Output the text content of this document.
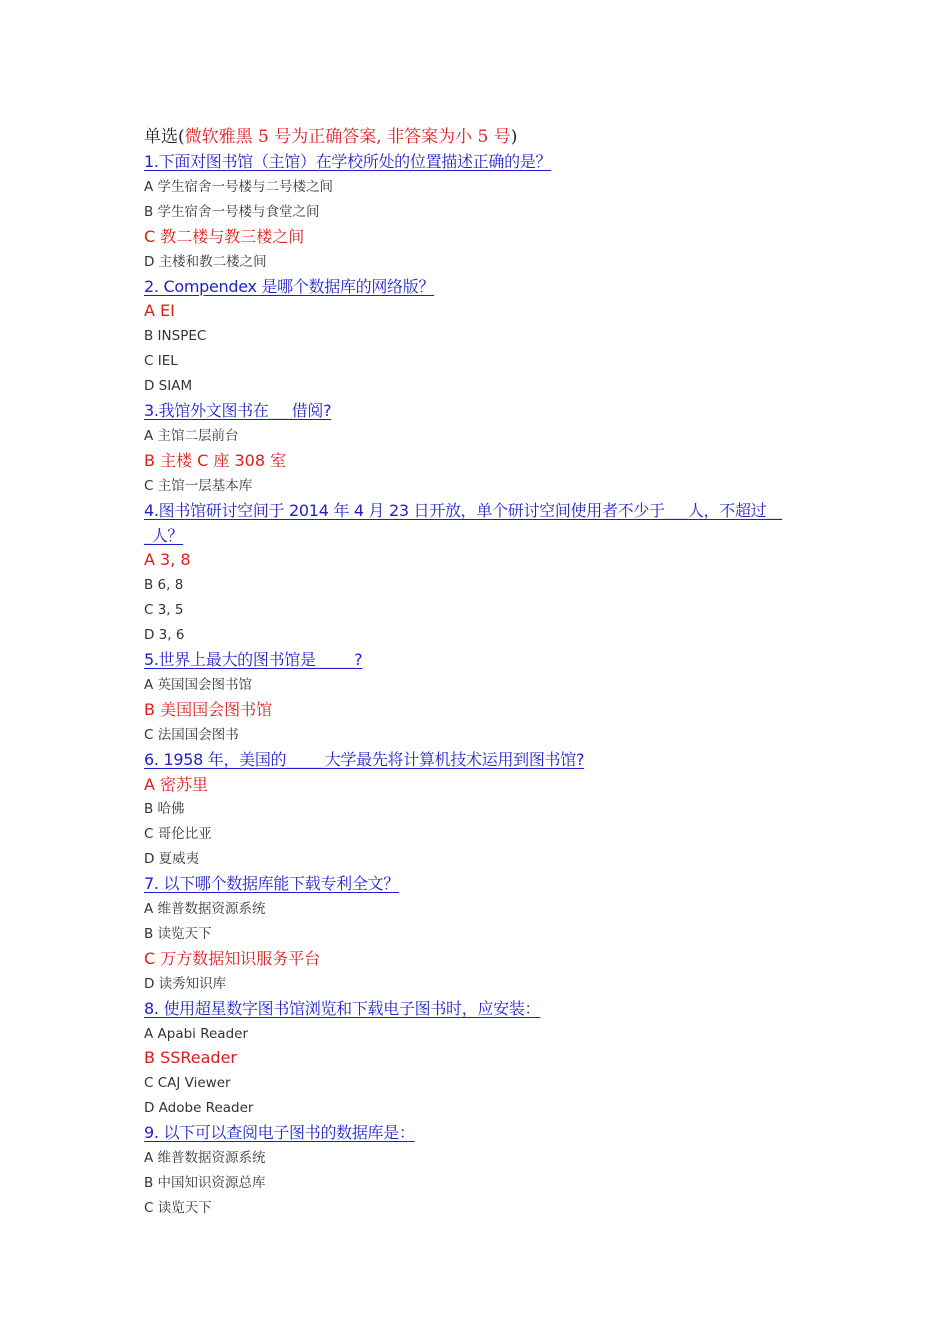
单选(微软雅黑 5 号为正确答案, 非答案为小 5 号)
1.下面对图书馆（主馆）在学校所处的位置描述正确的是？
A 学生宿舍一号楼与二号楼之间
B 学生宿舍一号楼与食堂之间
C 教二楼与教三楼之间
D 主楼和教二楼之间
2. Compendex 是哪个数据库的网络版？
A EI
B INSPEC
C IEL
D SIAM
3.我馆外文图书在___借阅?
A 主馆二层前台
B 主楼 C 座 308 室
C 主馆一层基本库
4.图书馆研讨空间于 2014 年 4 月 23 日开放，单个研讨空间使用者不少于___人，不超过__
_人？
A 3, 8
B 6, 8
C 3, 5
D 3, 6
5.世界上最大的图书馆是_____?
A 英国国会图书馆
B 美国国会图书馆
C 法国国会图书
6. 1958 年，美国的_____大学最先将计算机技术运用到图书馆?
A 密苏里
B 哈佛
C 哥伦比亚
D 夏威夷
7. 以下哪个数据库能下载专利全文？
A 维普数据资源系统
B 读览天下
C 万方数据知识服务平台
D 读秀知识库
8. 使用超星数字图书馆浏览和下载电子图书时，应安装：
A Apabi Reader
B SSReader
C CAJ Viewer
D Adobe Reader
9. 以下可以查阅电子图书的数据库是：
A 维普数据资源系统
B 中国知识资源总库
C 读览天下
